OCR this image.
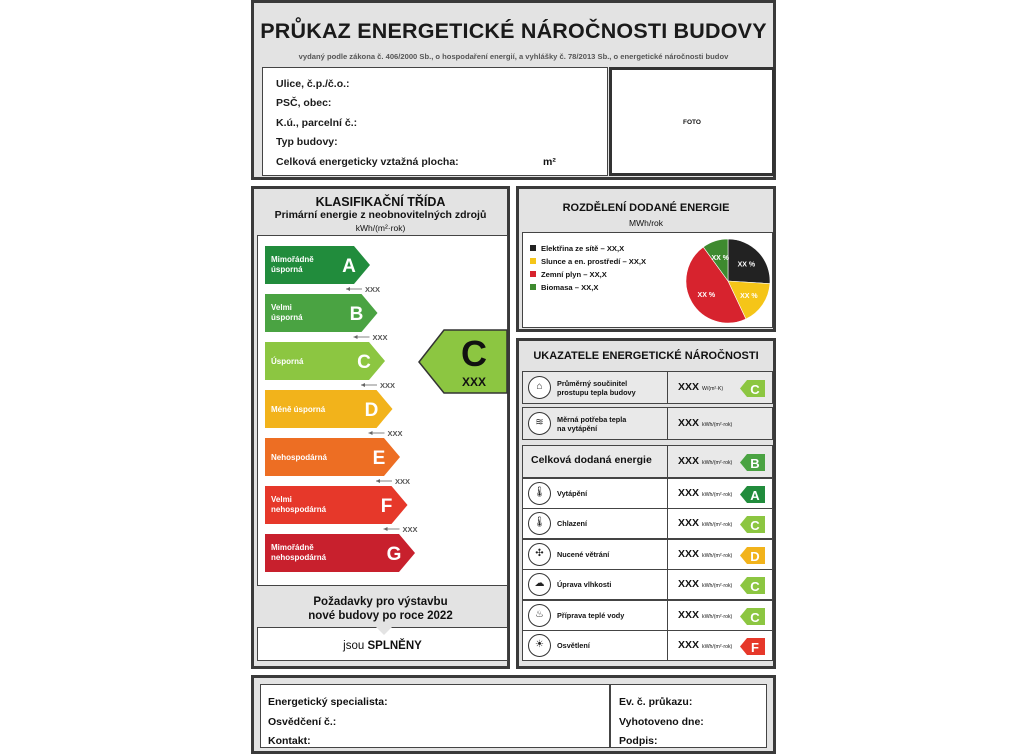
PRŮKAZ ENERGETICKÉ NÁROČNOSTI BUDOVY
vydaný podle zákona č. 406/2000 Sb., o hospodaření energií, a vyhlášky č. 78/2013 Sb., o energetické náročnosti budov
Ulice, č.p./č.o.:
PSČ, obec:
K.ú., parcelní č.:
Typ budovy:
Celková energeticky vztažná plocha:	m²
FOTO
KLASIFIKAČNÍ TŘÍDA
Primární energie z neobnovitelných zdrojů
kWh/(m²·rok)
A
Mimořádně
úsporná
B
Velmi
úsporná
C
Úsporná
D
Méně úsporná
E
Nehospodárná
F
Velmi
nehospodárná
G
Mimořádně
nehospodárná
XXX
XXX
XXX
XXX
XXX
XXX
C
XXX
Požadavky pro výstavbu
nové budovy po roce 2022
jsou SPLNĚNY
ROZDĚLENÍ DODANÉ ENERGIE
MWh/rok
Elektřina ze sítě – XX,X
Slunce a en. prostředí – XX,X
Zemní plyn – XX,X
Biomasa – XX,X
XX %
XX %
XX %
XX %
UKAZATELE ENERGETICKÉ NÁROČNOSTI
⌂	Průměrný součinitel
prostupu tepla budovy	XXX W/(m²·K) C
≋	Měrná potřeba tepla
na vytápění	XXX kWh/(m²·rok)
Celková dodaná energie XXX kWh/(m²·rok) B
🌡	Vytápění	XXX kWh/(m²·rok) A
🌡	Chlazení	XXX kWh/(m²·rok) C
✣	Nucené větrání	XXX kWh/(m²·rok) D
☁	Úprava vlhkosti	XXX kWh/(m²·rok) C
♨	Příprava teplé vody	XXX kWh/(m²·rok) C
☀	Osvětlení	XXX kWh/(m²·rok) F
Energetický specialista:
Osvědčení č.:
Kontakt:
Ev. č. průkazu:
Vyhotoveno dne:
Podpis:
